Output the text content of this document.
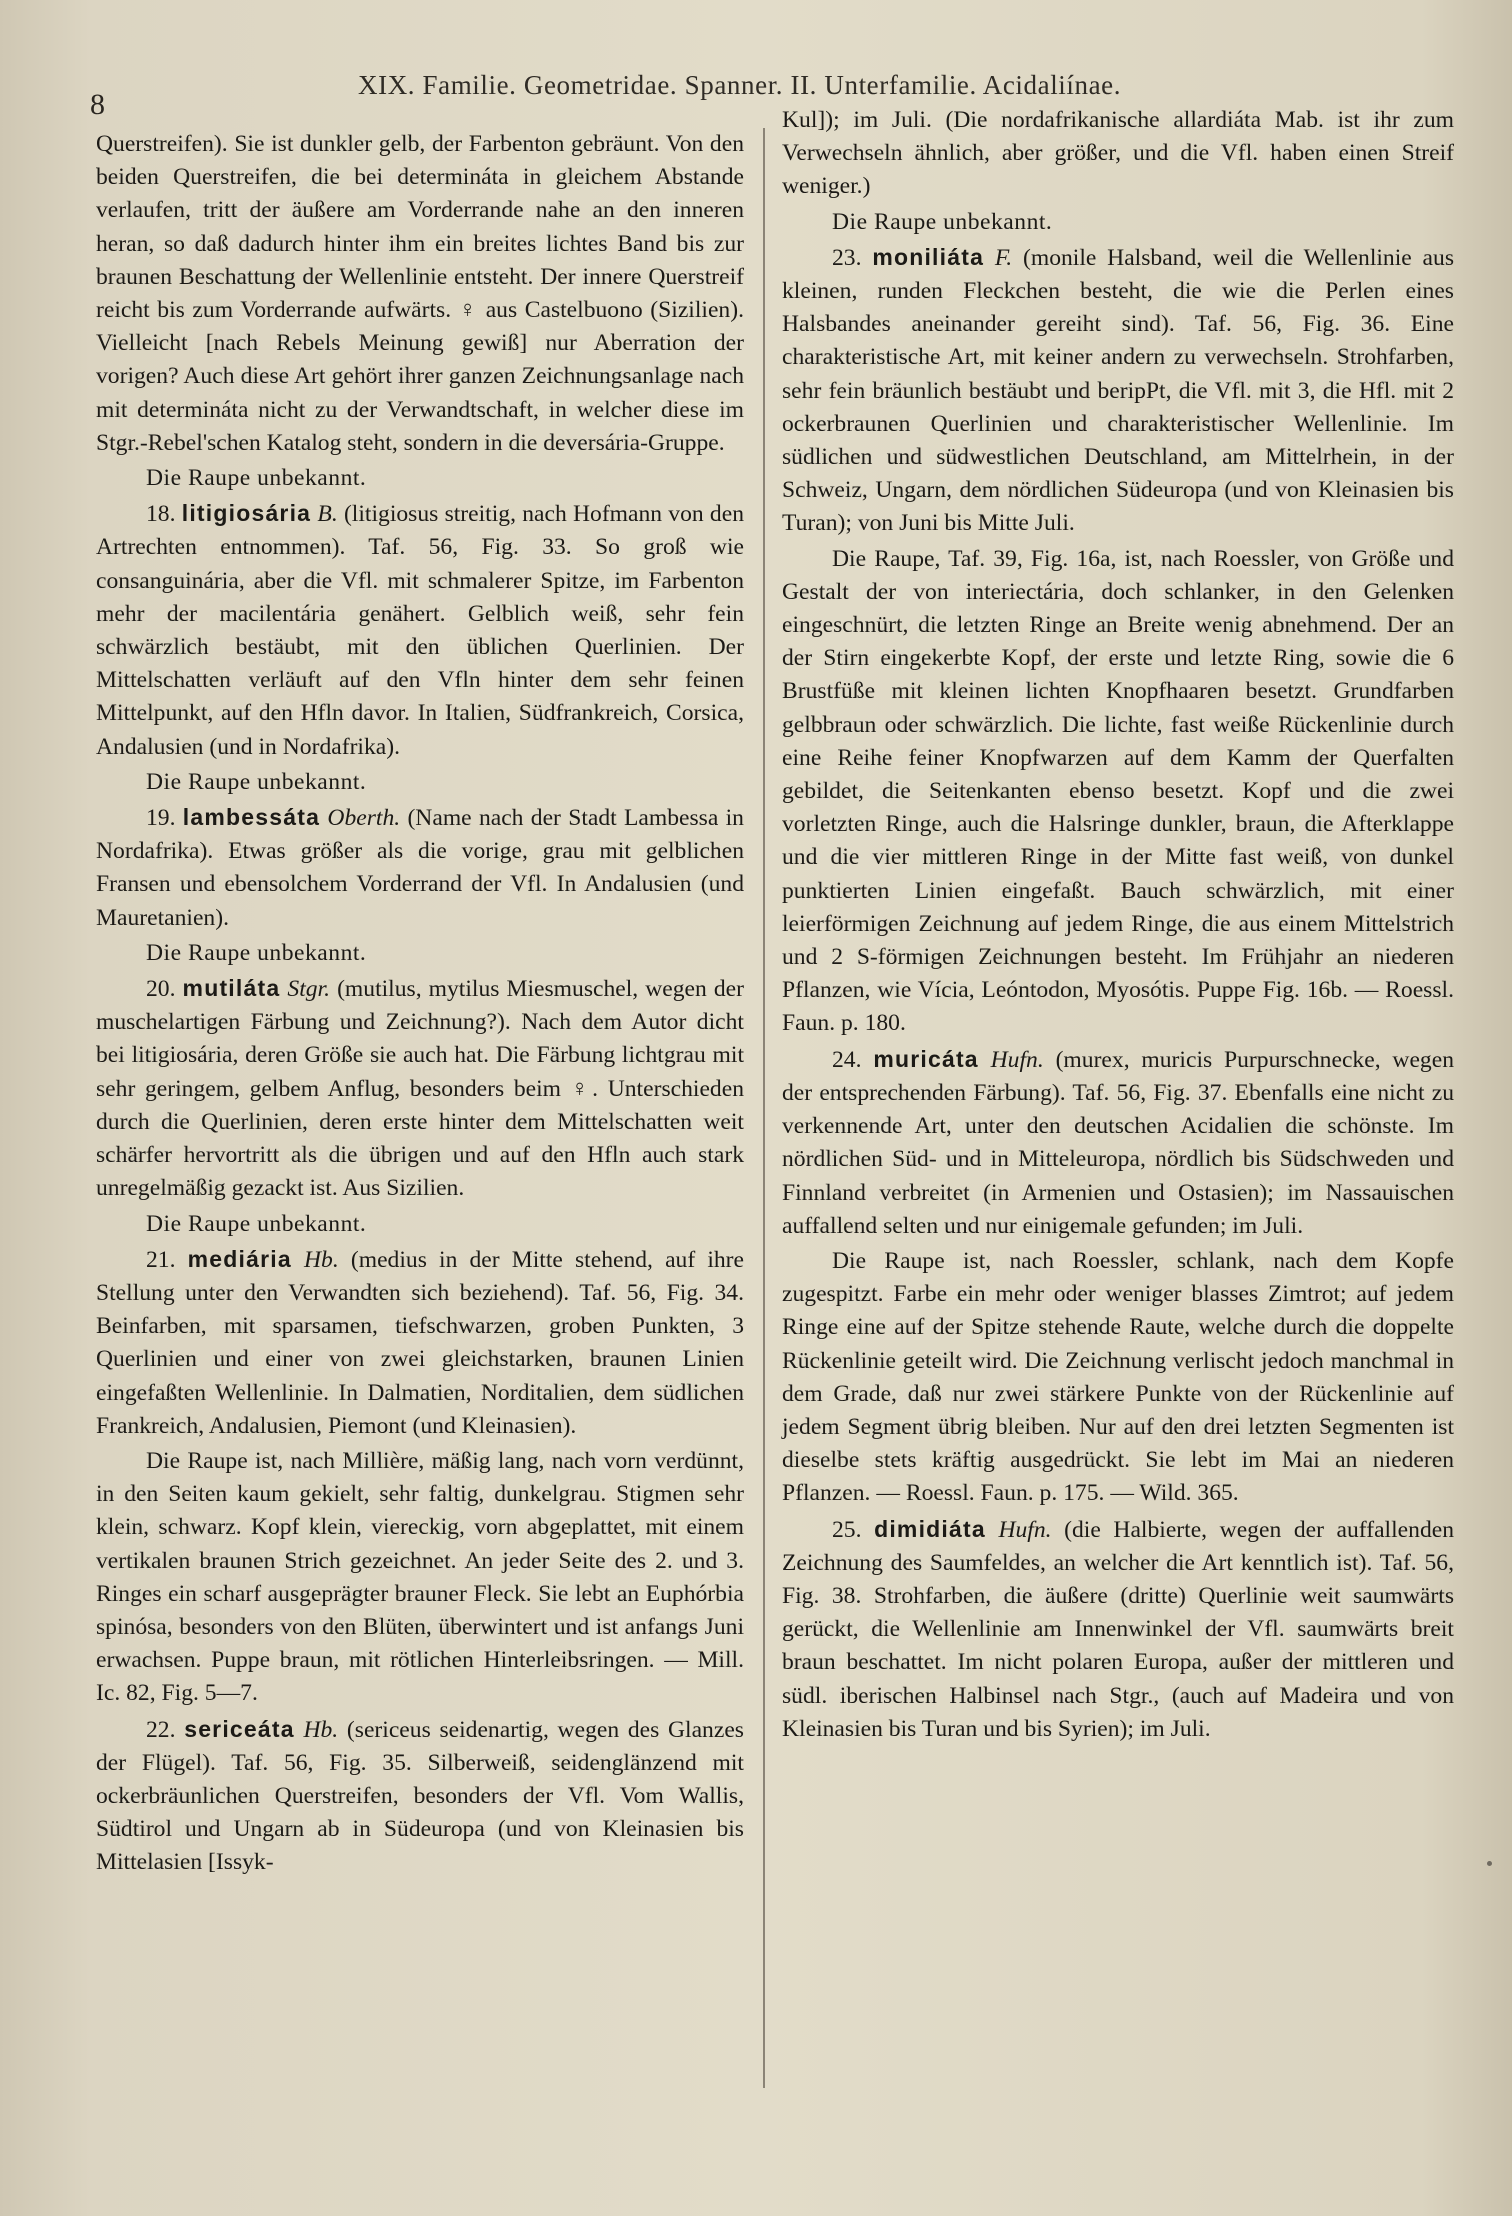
8
XIX. Familie. Geometridae. Spanner. II. Unterfamilie. Acidaliínae.

Querstreifen). Sie ist dunkler gelb, der Farbenton gebräunt. Von den beiden Querstreifen, die bei determináta in gleichem Abstande verlaufen, tritt der äußere am Vorderrande nahe an den inneren heran, so daß dadurch hinter ihm ein breites lichtes Band bis zur braunen Beschattung der Wellenlinie entsteht. Der innere Querstreif reicht bis zum Vorderrande aufwärts. ♀ aus Castelbuono (Sizilien). Vielleicht [nach Rebels Meinung gewiß] nur Aberration der vorigen? Auch diese Art gehört ihrer ganzen Zeichnungsanlage nach mit determináta nicht zu der Verwandtschaft, in welcher diese im Stgr.-Rebel'schen Katalog steht, sondern in die deversária-Gruppe.

Die Raupe unbekannt.

18. litigiosária B. (litigiosus streitig, nach Hofmann von den Artrechten entnommen). Taf. 56, Fig. 33. So groß wie consanguinária, aber die Vfl. mit schmalerer Spitze, im Farbenton mehr der macilentária genähert. Gelblich weiß, sehr fein schwärzlich bestäubt, mit den üblichen Querlinien. Der Mittelschatten verläuft auf den Vfln hinter dem sehr feinen Mittelpunkt, auf den Hfln davor. In Italien, Südfrankreich, Corsica, Andalusien (und in Nordafrika).

Die Raupe unbekannt.

19. lambessáta Oberth. (Name nach der Stadt Lambessa in Nordafrika). Etwas größer als die vorige, grau mit gelblichen Fransen und ebensolchem Vorderrand der Vfl. In Andalusien (und Mauretanien).

Die Raupe unbekannt.

20. mutiláta Stgr. (mutilus, mytilus Miesmuschel, wegen der muschelartigen Färbung und Zeichnung?). Nach dem Autor dicht bei litigiosária, deren Größe sie auch hat. Die Färbung lichtgrau mit sehr geringem, gelbem Anflug, besonders beim ♀. Unterschieden durch die Querlinien, deren erste hinter dem Mittelschatten weit schärfer hervortritt als die übrigen und auf den Hfln auch stark unregelmäßig gezackt ist. Aus Sizilien.

Die Raupe unbekannt.

21. mediária Hb. (medius in der Mitte stehend, auf ihre Stellung unter den Verwandten sich beziehend). Taf. 56, Fig. 34. Beinfarben, mit sparsamen, tiefschwarzen, groben Punkten, 3 Querlinien und einer von zwei gleichstarken, braunen Linien eingefaßten Wellenlinie. In Dalmatien, Norditalien, dem südlichen Frankreich, Andalusien, Piemont (und Kleinasien).

Die Raupe ist, nach Millière, mäßig lang, nach vorn verdünnt, in den Seiten kaum gekielt, sehr faltig, dunkelgrau. Stigmen sehr klein, schwarz. Kopf klein, viereckig, vorn abgeplattet, mit einem vertikalen braunen Strich gezeichnet. An jeder Seite des 2. und 3. Ringes ein scharf ausgeprägter brauner Fleck. Sie lebt an Euphórbia spinósa, besonders von den Blüten, überwintert und ist anfangs Juni erwachsen. Puppe braun, mit rötlichen Hinterleibsringen. — Mill. Ic. 82, Fig. 5—7.

22. sericeáta Hb. (sericeus seidenartig, wegen des Glanzes der Flügel). Taf. 56, Fig. 35. Silberweiß, seidenglänzend mit ockerbräunlichen Querstreifen, besonders der Vfl. Vom Wallis, Südtirol und Ungarn ab in Südeuropa (und von Kleinasien bis Mittelasien [Issyk-

Kul]); im Juli. (Die nordafrikanische allardiáta Mab. ist ihr zum Verwechseln ähnlich, aber größer, und die Vfl. haben einen Streif weniger.)

Die Raupe unbekannt.

23. moniliáta F. (monile Halsband, weil die Wellenlinie aus kleinen, runden Fleckchen besteht, die wie die Perlen eines Halsbandes aneinander gereiht sind). Taf. 56, Fig. 36. Eine charakteristische Art, mit keiner andern zu verwechseln. Strohfarben, sehr fein bräunlich bestäubt und beripPt, die Vfl. mit 3, die Hfl. mit 2 ockerbraunen Querlinien und charakteristischer Wellenlinie. Im südlichen und südwestlichen Deutschland, am Mittelrhein, in der Schweiz, Ungarn, dem nördlichen Südeuropa (und von Kleinasien bis Turan); von Juni bis Mitte Juli.

Die Raupe, Taf. 39, Fig. 16a, ist, nach Roessler, von Größe und Gestalt der von interiectária, doch schlanker, in den Gelenken eingeschnürt, die letzten Ringe an Breite wenig abnehmend. Der an der Stirn eingekerbte Kopf, der erste und letzte Ring, sowie die 6 Brustfüße mit kleinen lichten Knopfhaaren besetzt. Grundfarben gelbbraun oder schwärzlich. Die lichte, fast weiße Rückenlinie durch eine Reihe feiner Knopfwarzen auf dem Kamm der Querfalten gebildet, die Seitenkanten ebenso besetzt. Kopf und die zwei vorletzten Ringe, auch die Halsringe dunkler, braun, die Afterklappe und die vier mittleren Ringe in der Mitte fast weiß, von dunkel punktierten Linien eingefaßt. Bauch schwärzlich, mit einer leierförmigen Zeichnung auf jedem Ringe, die aus einem Mittelstrich und 2 S-förmigen Zeichnungen besteht. Im Frühjahr an niederen Pflanzen, wie Vícia, Leóntodon, Myosótis. Puppe Fig. 16b. — Roessl. Faun. p. 180.

24. muricáta Hufn. (murex, muricis Purpurschnecke, wegen der entsprechenden Färbung). Taf. 56, Fig. 37. Ebenfalls eine nicht zu verkennende Art, unter den deutschen Acidalien die schönste. Im nördlichen Süd- und in Mitteleuropa, nördlich bis Südschweden und Finnland verbreitet (in Armenien und Ostasien); im Nassauischen auffallend selten und nur einigemale gefunden; im Juli.

Die Raupe ist, nach Roessler, schlank, nach dem Kopfe zugespitzt. Farbe ein mehr oder weniger blasses Zimtrot; auf jedem Ringe eine auf der Spitze stehende Raute, welche durch die doppelte Rückenlinie geteilt wird. Die Zeichnung verlischt jedoch manchmal in dem Grade, daß nur zwei stärkere Punkte von der Rückenlinie auf jedem Segment übrig bleiben. Nur auf den drei letzten Segmenten ist dieselbe stets kräftig ausgedrückt. Sie lebt im Mai an niederen Pflanzen. — Roessl. Faun. p. 175. — Wild. 365.

25. dimidiáta Hufn. (die Halbierte, wegen der auffallenden Zeichnung des Saumfeldes, an welcher die Art kenntlich ist). Taf. 56, Fig. 38. Strohfarben, die äußere (dritte) Querlinie weit saumwärts gerückt, die Wellenlinie am Innenwinkel der Vfl. saumwärts breit braun beschattet. Im nicht polaren Europa, außer der mittleren und südl. iberischen Halbinsel nach Stgr., (auch auf Madeira und von Kleinasien bis Turan und bis Syrien); im Juli.
